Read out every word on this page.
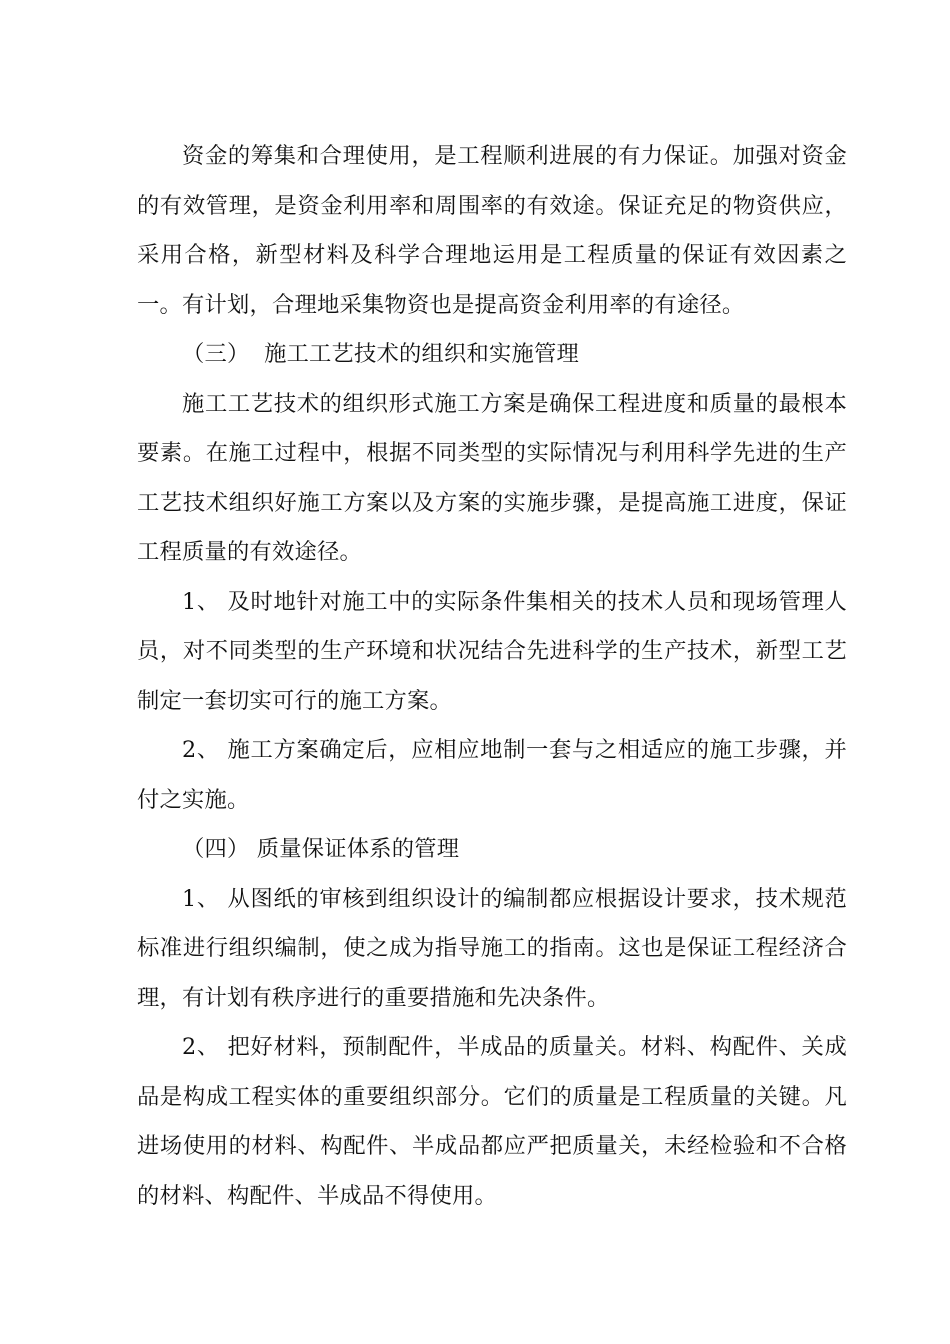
资金的筹集和合理使用，是工程顺利进展的有力保证。加强对资金的有效管理，是资金利用率和周围率的有效途。保证充足的物资供应，采用合格，新型材料及科学合理地运用是工程质量的保证有效因素之一。有计划，合理地采集物资也是提高资金利用率的有途径。

（三）  施工工艺技术的组织和实施管理

施工工艺技术的组织形式施工方案是确保工程进度和质量的最根本要素。在施工过程中，根据不同类型的实际情况与利用科学先进的生产工艺技术组织好施工方案以及方案的实施步骤，是提高施工进度，保证工程质量的有效途径。

1、 及时地针对施工中的实际条件集相关的技术人员和现场管理人员，对不同类型的生产环境和状况结合先进科学的生产技术，新型工艺制定一套切实可行的施工方案。

2、 施工方案确定后，应相应地制一套与之相适应的施工步骤，并付之实施。

（四） 质量保证体系的管理

1、 从图纸的审核到组织设计的编制都应根据设计要求，技术规范标准进行组织编制，使之成为指导施工的指南。这也是保证工程经济合理，有计划有秩序进行的重要措施和先决条件。

2、 把好材料，预制配件，半成品的质量关。材料、构配件、关成品是构成工程实体的重要组织部分。它们的质量是工程质量的关键。凡进场使用的材料、构配件、半成品都应严把质量关，未经检验和不合格的材料、构配件、半成品不得使用。
